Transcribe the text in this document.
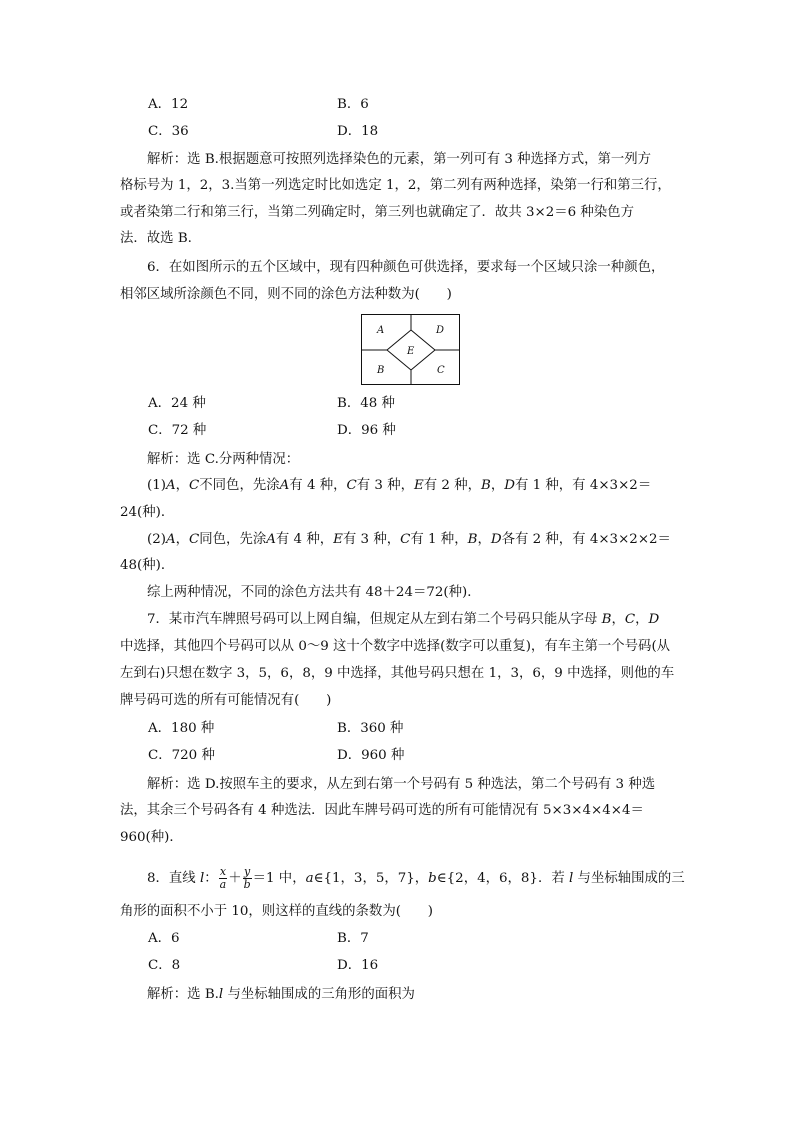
A．12	B．6
C．36	D．18
解析：选 B.根据题意可按照列选择染色的元素，第一列可有 3 种选择方式，第一列方
格标号为 1，2，3.当第一列选定时比如选定 1，2，第二列有两种选择，染第一行和第三行，
或者染第二行和第三行，当第二列确定时，第三列也就确定了．故共 3×2＝6 种染色方
法．故选 B.
6．在如图所示的五个区域中，现有四种颜色可供选择，要求每一个区域只涂一种颜色，
相邻区域所涂颜色不同，则不同的涂色方法种数为(　　)
A	D
E
B	C
A．24 种	B．48 种
C．72 种	D．96 种
解析：选 C.分两种情况：
(1)A，C不同色，先涂A有 4 种，C有 3 种，E有 2 种，B，D有 1 种，有 4×3×2＝
24(种)．
(2)A，C同色，先涂A有 4 种，E有 3 种，C有 1 种，B，D各有 2 种，有 4×3×2×2＝
48(种)．
综上两种情况，不同的涂色方法共有 48＋24＝72(种)．
7．某市汽车牌照号码可以上网自编，但规定从左到右第二个号码只能从字母 B，C，D
中选择，其他四个号码可以从 0～9 这十个数字中选择(数字可以重复)，有车主第一个号码(从
左到右)只想在数字 3，5，6，8，9 中选择，其他号码只想在 1，3，6，9 中选择，则他的车
牌号码可选的所有可能情况有(　　)
A．180 种	B．360 种
C．720 种	D．960 种
解析：选 D.按照车主的要求，从左到右第一个号码有 5 种选法，第二个号码有 3 种选
法，其余三个号码各有 4 种选法．因此车牌号码可选的所有可能情况有 5×3×4×4×4＝
960(种)．
8．直线 l： $\frac{x}{a} + \frac{y}{b} =1$ 中，a∈{1，3，5，7}，b∈{2，4，6，8}．若 l 与坐标轴围成的三
角形的面积不小于 10，则这样的直线的条数为(　　)
A．6	B．7
C．8	D．16
解析：选 B.l 与坐标轴围成的三角形的面积为
